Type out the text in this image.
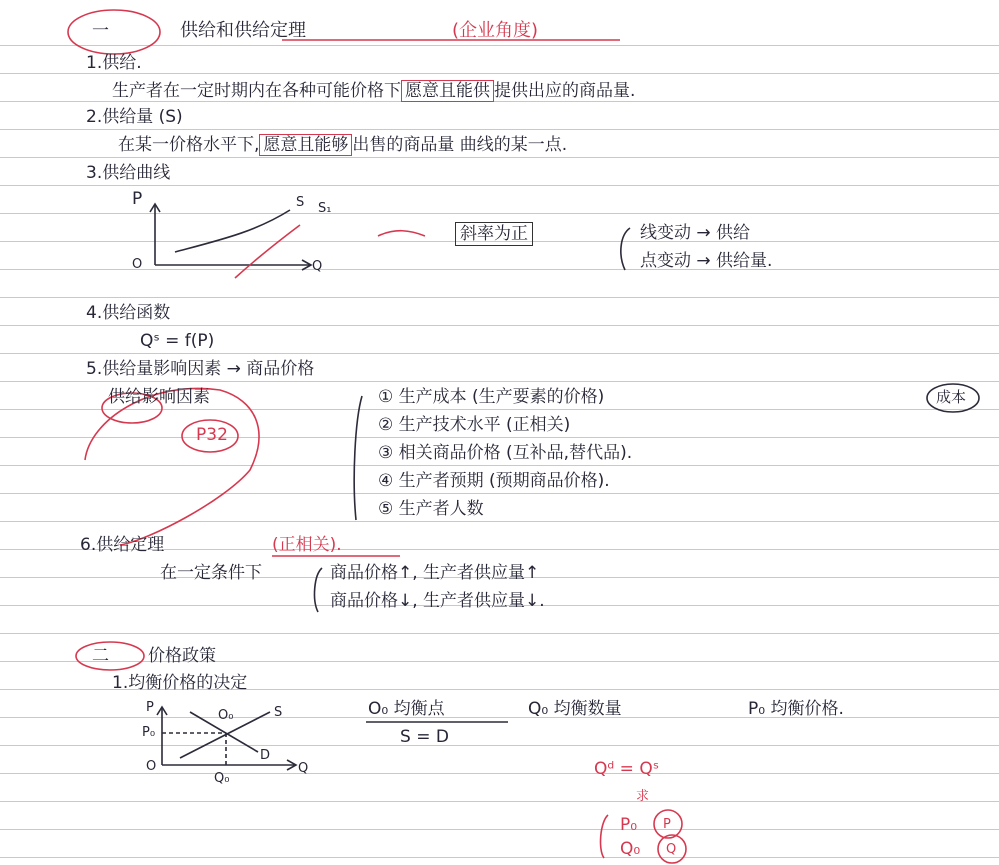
一	供给和供给定理	(企业角度)
1.供给.
生产者在一定时期内在各种可能价格下 愿意且能供 提供出应的商品量.
2.供给量 (S)
在某一价格水平下, 愿意且能够 出售的商品量 曲线的某一点.
3.供给曲线
P
O	Q
S S₁
斜率为正	线变动 → 供给
点变动 → 供给量.
4.供给函数
Qˢ = f(P)
5.供给量影响因素 → 商品价格
供给影响因素
P32
① 生产成本 (生产要素的价格)	成本
② 生产技术水平 (正相关)
③ 相关商品价格 (互补品,替代品).
④ 生产者预期 (预期商品价格).
⑤ 生产者人数
6.供给定理	(正相关).
在一定条件下	商品价格↑, 生产者供应量↑
商品价格↓, 生产者供应量↓.
二 价格政策
1.均衡价格的决定
P
P₀
O
O₀
Q₀
Q
S
D
O₀ 均衡点
S = D
Q₀ 均衡数量	P₀ 均衡价格.
Qᵈ = Qˢ
求
P₀
Q₀
P
Q
